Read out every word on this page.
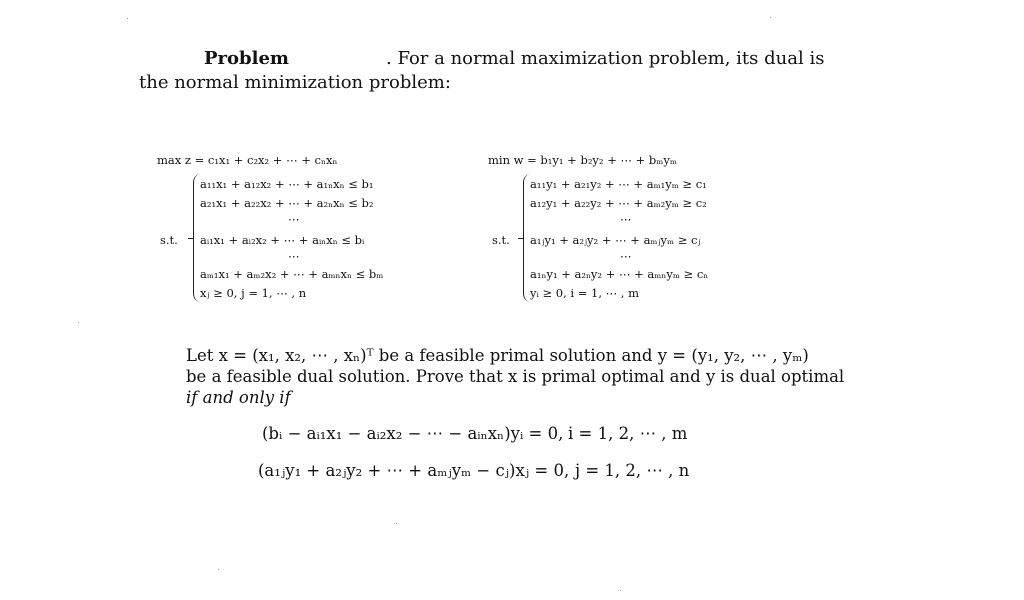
Problem	. For a normal maximization problem, its dual is
the normal minimization problem:
max z = c₁x₁ + c₂x₂ + ⋯ + cₙxₙ
s.t.
a₁₁x₁ + a₁₂x₂ + ⋯ + a₁ₙxₙ ≤ b₁
a₂₁x₁ + a₂₂x₂ + ⋯ + a₂ₙxₙ ≤ b₂
⋯
aᵢ₁x₁ + aᵢ₂x₂ + ⋯ + aᵢₙxₙ ≤ bᵢ
⋯
aₘ₁x₁ + aₘ₂x₂ + ⋯ + aₘₙxₙ ≤ bₘ
xⱼ ≥ 0, j = 1, ⋯ , n
min w = b₁y₁ + b₂y₂ + ⋯ + bₘyₘ
s.t.
a₁₁y₁ + a₂₁y₂ + ⋯ + aₘ₁yₘ ≥ c₁
a₁₂y₁ + a₂₂y₂ + ⋯ + aₘ₂yₘ ≥ c₂
⋯
a₁ⱼy₁ + a₂ⱼy₂ + ⋯ + aₘⱼyₘ ≥ cⱼ
⋯
a₁ₙy₁ + a₂ₙy₂ + ⋯ + aₘₙyₘ ≥ cₙ
yᵢ ≥ 0, i = 1, ⋯ , m
Let x = (x₁, x₂, ⋯ , xₙ)ᵀ be a feasible primal solution and y = (y₁, y₂, ⋯ , yₘ)
be a feasible dual solution. Prove that x is primal optimal and y is dual optimal
if and only if
(bᵢ − aᵢ₁x₁ − aᵢ₂x₂ − ⋯ − aᵢₙxₙ)yᵢ = 0, i = 1, 2, ⋯ , m
(a₁ⱼy₁ + a₂ⱼy₂ + ⋯ + aₘⱼyₘ − cⱼ)xⱼ = 0, j = 1, 2, ⋯ , n
